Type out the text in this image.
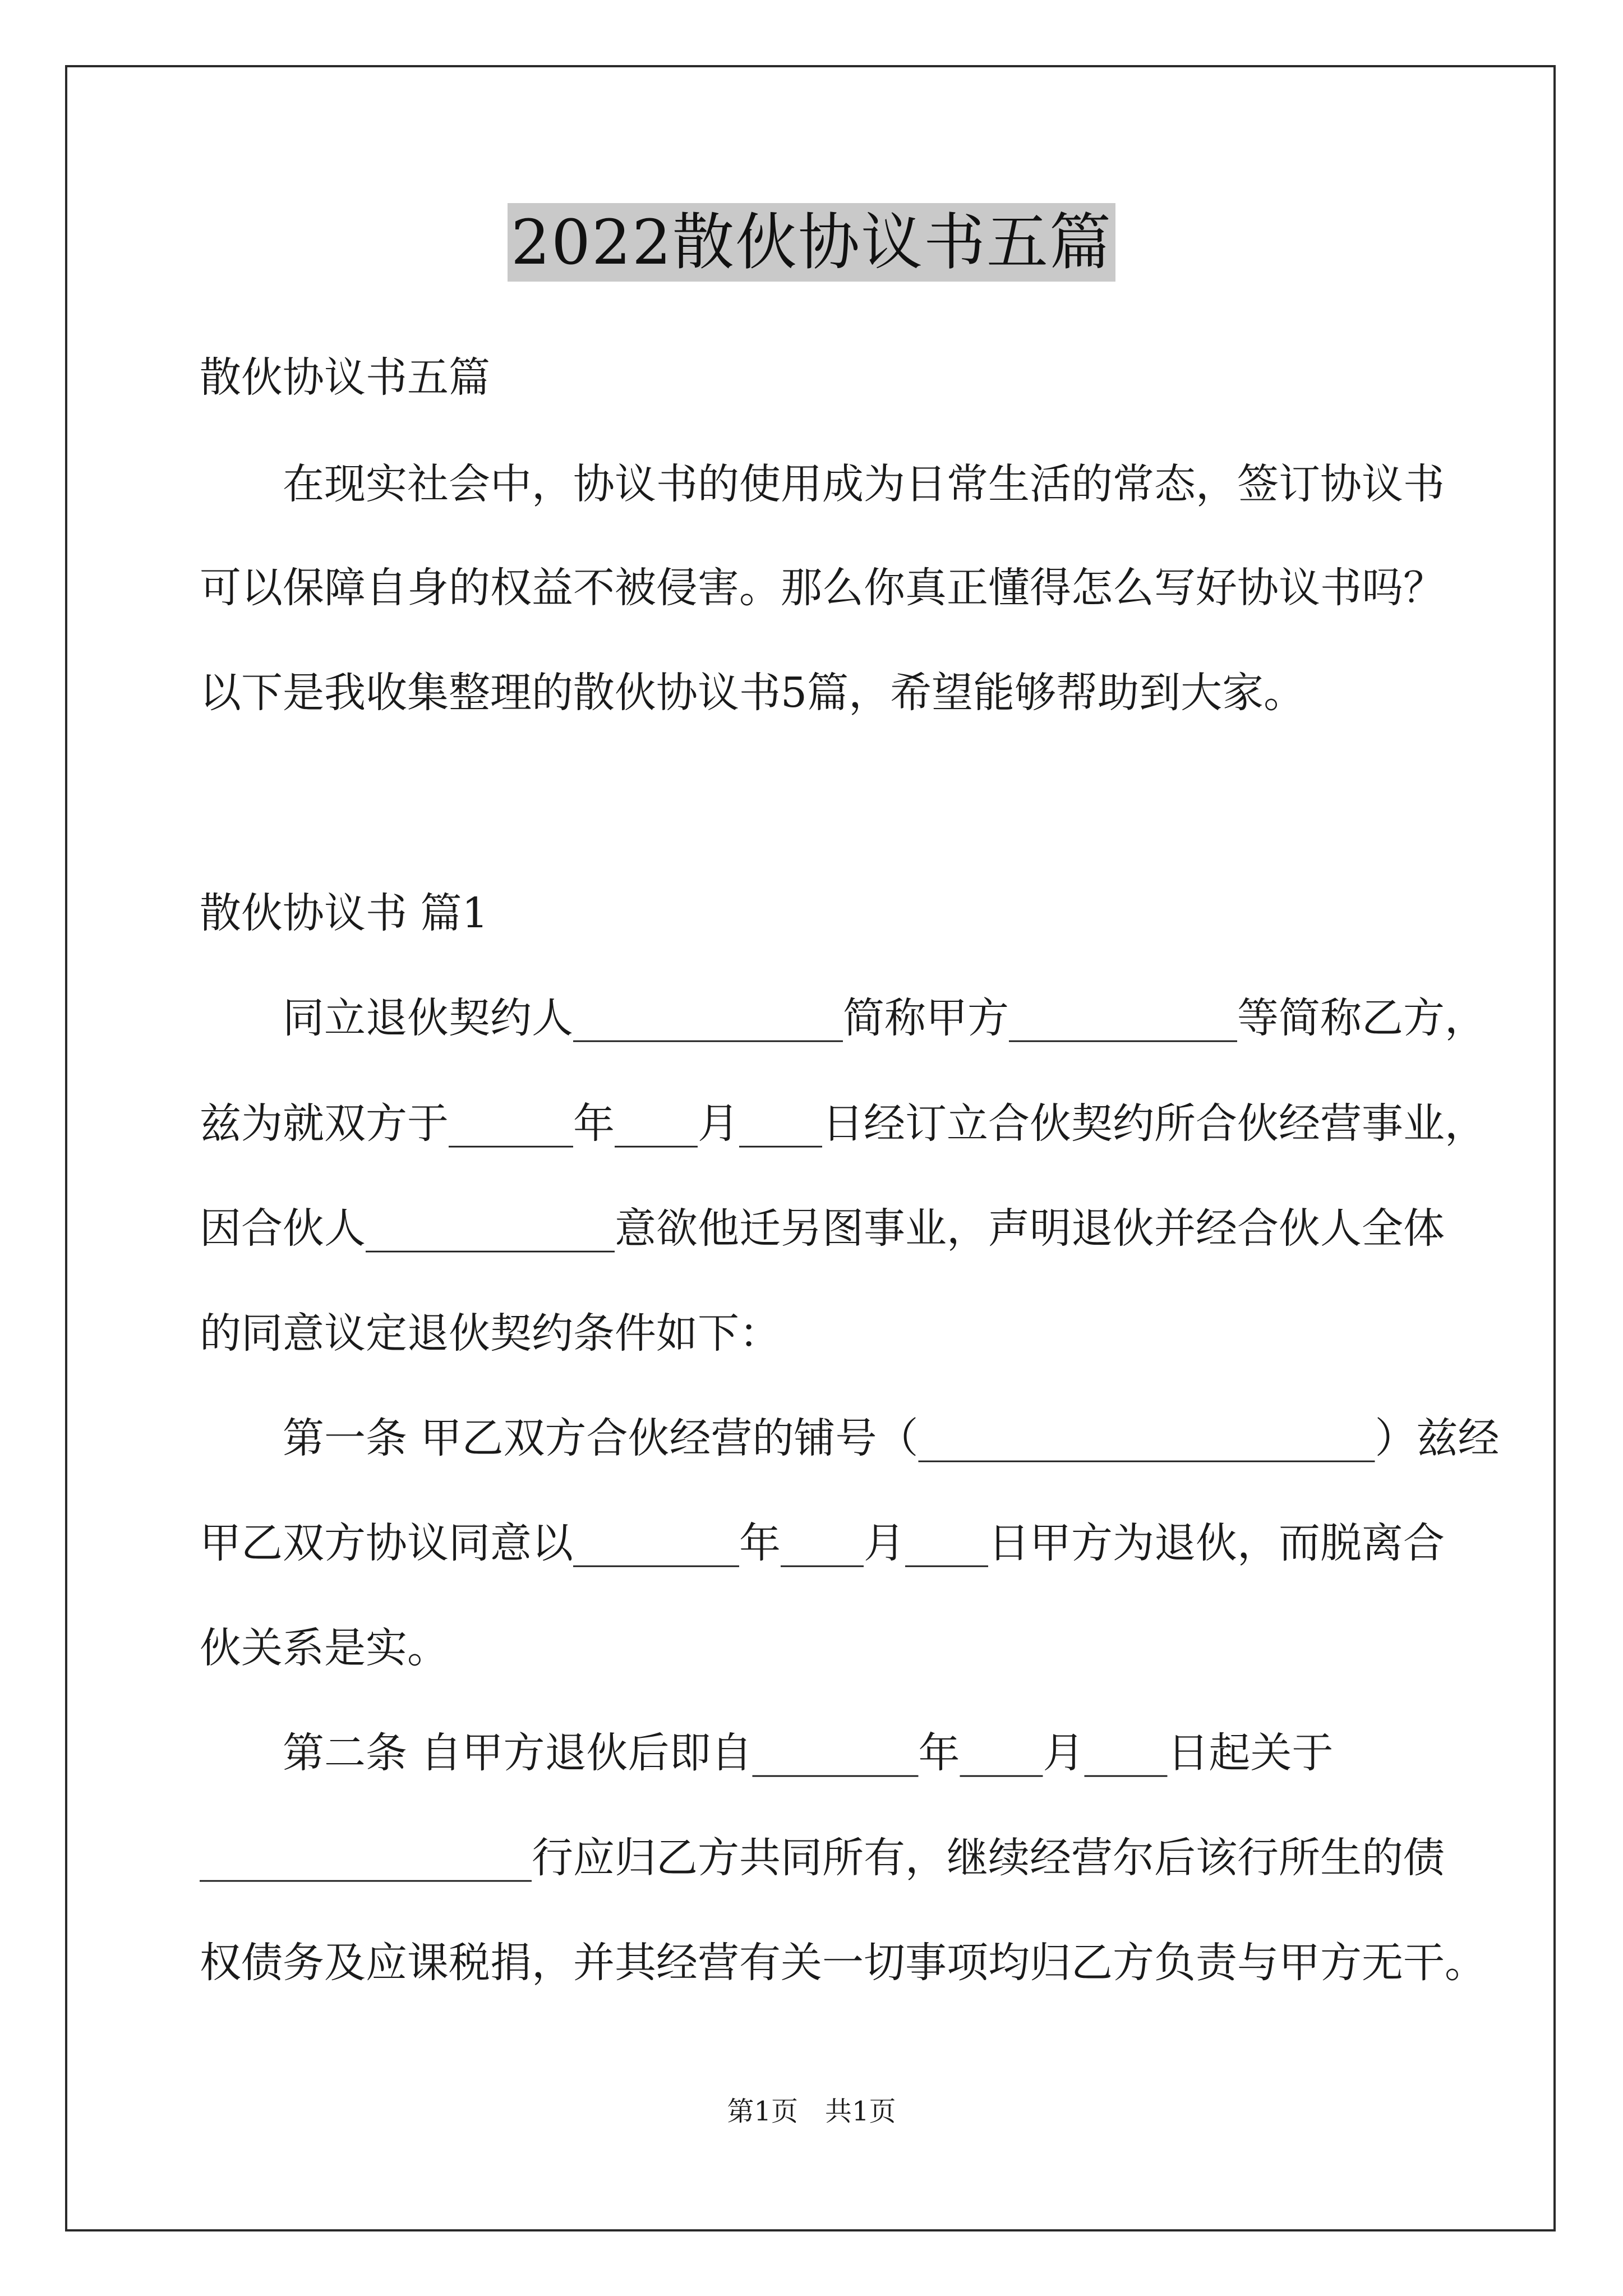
2022散伙协议书五篇
散伙协议书五篇
在现实社会中，协议书的使用成为日常生活的常态，签订协议书
可以保障自身的权益不被侵害。那么你真正懂得怎么写好协议书吗？
以下是我收集整理的散伙协议书5篇，希望能够帮助到大家。
散伙协议书 篇1
同立退伙契约人_____________简称甲方___________等简称乙方，
兹为就双方于______年____月____日经订立合伙契约所合伙经营事业，
因合伙人____________意欲他迁另图事业，声明退伙并经合伙人全体
的同意议定退伙契约条件如下：
第一条 甲乙双方合伙经营的铺号（______________________）兹经
甲乙双方协议同意以________年____月____日甲方为退伙，而脱离合
伙关系是实。
第二条 自甲方退伙后即自________年____月____日起关于
________________行应归乙方共同所有，继续经营尔后该行所生的债
权债务及应课税捐，并其经营有关一切事项均归乙方负责与甲方无干。
第1页　共1页
